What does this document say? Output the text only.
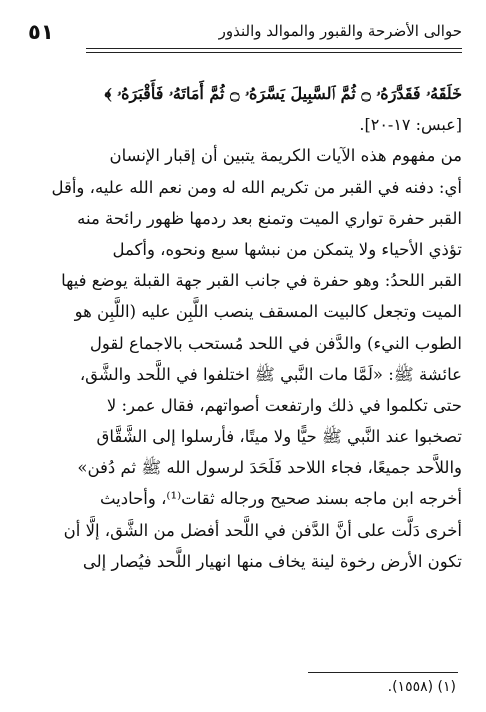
٥١	حوالی الأضرحة والقبور والموالد والنذور
خَلَقَهُۥ فَقَدَّرَهُۥ ۝ ثُمَّ ٱلسَّبِيلَ يَسَّرَهُۥ ۝ ثُمَّ أَمَاتَهُۥ فَأَقْبَرَهُۥ ﴾
[عبس: ١٧-٢٠].
من مفهوم هذه الآيات الكريمة يتبين أن إقبار الإنسان
أي: دفنه في القبر من تكريم الله له ومن نعم الله عليه، وأقل
القبر حفرة تواري الميت وتمنع بعد ردمها ظهور رائحة منه
تؤذي الأحياء ولا يتمكن من نبشها سبع ونحوه، وأكمل
القبر اللحدُ: وهو حفرة في جانب القبر جهة القبلة يوضع فيها
الميت وتجعل كالبيت المسقف ينصب اللَّبِن عليه (اللَّبِن هو
الطوب النيء) والدَّفن في اللحد مُستحب بالاجماع لقول
عائشة ﷺ: «لَمَّا مات النَّبي ﷺ اختلفوا في اللَّحد والشَّق،
حتى تكلموا في ذلك وارتفعت أصواتهم، فقال عمر: لا
تصخبوا عند النَّبي ﷺ حيًّا ولا ميتًا، فأرسلوا إلى الشَّقَّاق
واللاَّحد جميعًا، فجاء اللاحد فَلَحَدَ لرسول الله ﷺ ثم دُفن»
أخرجه ابن ماجه بسند صحيح ورجاله ثقات⁽¹⁾، وأحاديث
أخرى دَلَّت على أنَّ الدَّفن في اللَّحد أفضل من الشَّق، إلَّا أن
تكون الأرض رخوة لينة يخاف منها انهيار اللَّحد فيُصار إلى
(١) (١٥٥٨).
